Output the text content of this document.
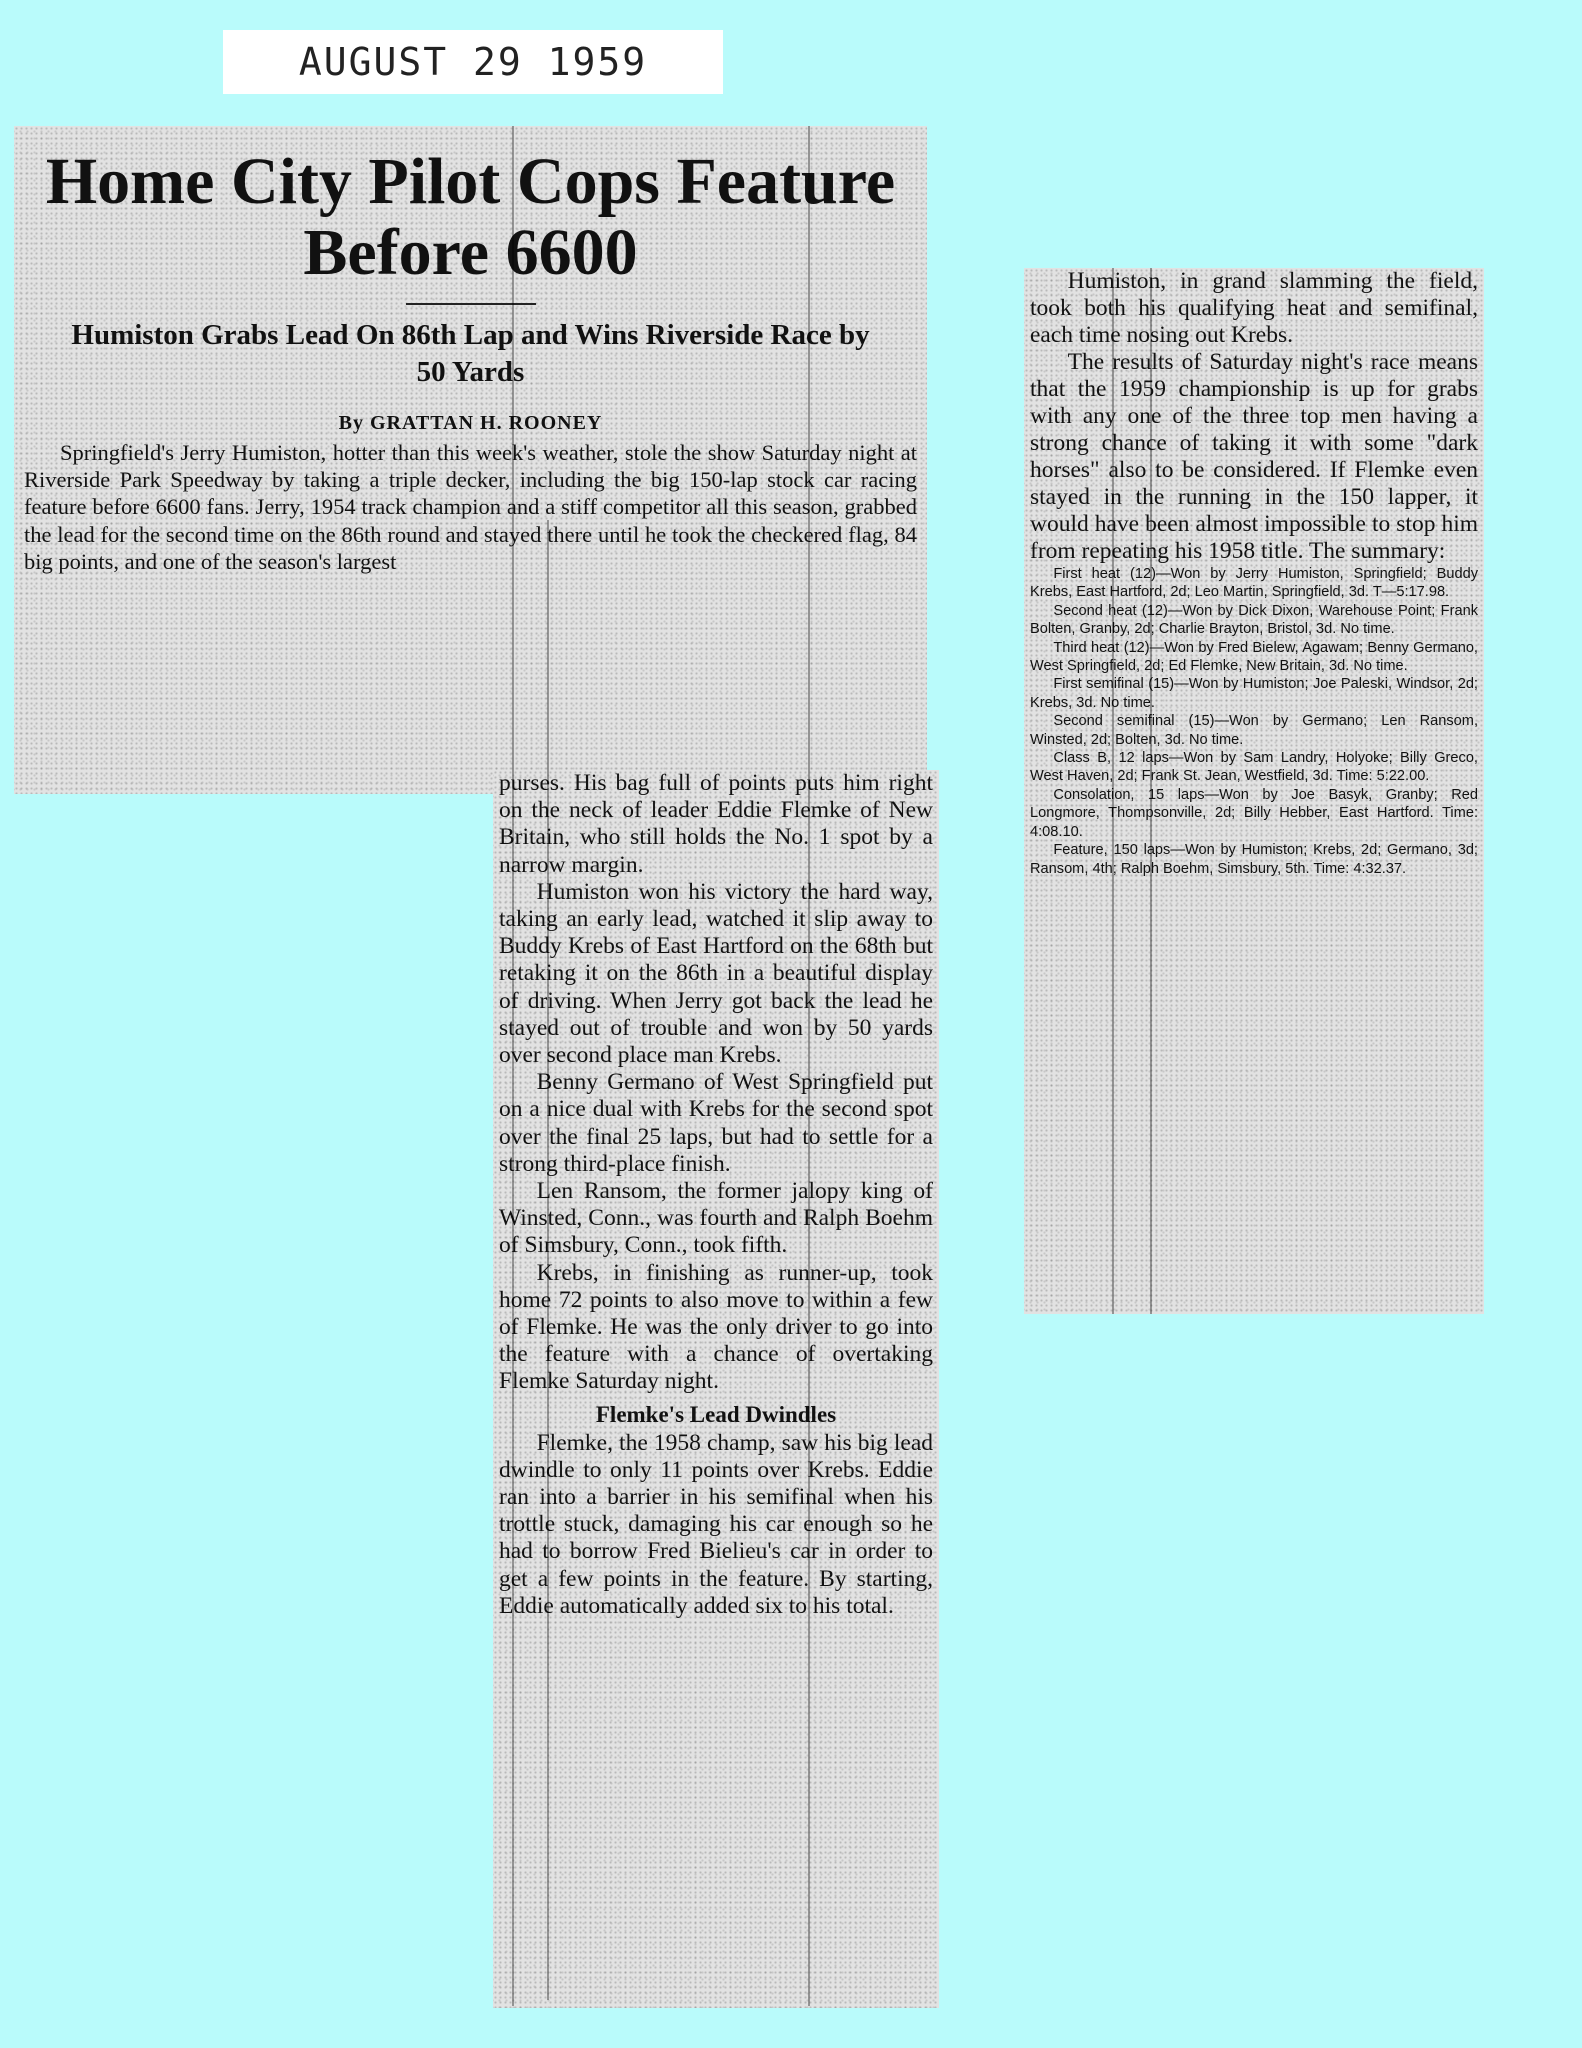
AUGUST 29 1959
Home City Pilot Cops Feature Before 6600
Humiston Grabs Lead On 86th Lap and Wins Riverside Race by 50 Yards
By GRATTAN H. ROONEY

Springfield's Jerry Humiston, hotter than this week's weather, stole the show Saturday night at Riverside Park Speedway by taking a triple decker, including the big 150-lap stock car racing feature before 6600 fans. Jerry, 1954 track champion and a stiff competitor all this season, grabbed the lead for the second time on the 86th round and stayed there until he took the checkered flag, 84 big points, and one of the season's largest

purses. His bag full of points puts him right on the neck of leader Eddie Flemke of New Britain, who still holds the No. 1 spot by a narrow margin.

Humiston won his victory the hard way, taking an early lead, watched it slip away to Buddy Krebs of East Hartford on the 68th but retaking it on the 86th in a beautiful display of driving. When Jerry got back the lead he stayed out of trouble and won by 50 yards over second place man Krebs.

Benny Germano of West Springfield put on a nice dual with Krebs for the second spot over the final 25 laps, but had to settle for a strong third-place finish.

Len Ransom, the former jalopy king of Winsted, Conn., was fourth and Ralph Boehm of Simsbury, Conn., took fifth.

Krebs, in finishing as runner-up, took home 72 points to also move to within a few of Flemke. He was the only driver to go into the feature with a chance of overtaking Flemke Saturday night.

Flemke's Lead Dwindles

Flemke, the 1958 champ, saw his big lead dwindle to only 11 points over Krebs. Eddie ran into a barrier in his semifinal when his trottle stuck, damaging his car enough so he had to borrow Fred Bielieu's car in order to get a few points in the feature. By starting, Eddie automatically added six to his total.

Humiston, in grand slamming the field, took both his qualifying heat and semifinal, each time nosing out Krebs.

The results of Saturday night's race means that the 1959 championship is up for grabs with any one of the three top men having a strong chance of taking it with some "dark horses" also to be considered. If Flemke even stayed in the running in the 150 lapper, it would have been almost impossible to stop him from repeating his 1958 title. The summary:

First heat (12)—Won by Jerry Humiston, Springfield; Buddy Krebs, East Hartford, 2d; Leo Martin, Springfield, 3d. T—5:17.98.

Second heat (12)—Won by Dick Dixon, Warehouse Point; Frank Bolten, Granby, 2d; Charlie Brayton, Bristol, 3d. No time.

Third heat (12)—Won by Fred Bielew, Agawam; Benny Germano, West Springfield, 2d; Ed Flemke, New Britain, 3d. No time.

First semifinal (15)—Won by Humiston; Joe Paleski, Windsor, 2d; Krebs, 3d. No time.

Second semifinal (15)—Won by Germano; Len Ransom, Winsted, 2d; Bolten, 3d. No time.

Class B, 12 laps—Won by Sam Landry, Holyoke; Billy Greco, West Haven, 2d; Frank St. Jean, Westfield, 3d. Time: 5:22.00.

Consolation, 15 laps—Won by Joe Basyk, Granby; Red Longmore, Thompsonville, 2d; Billy Hebber, East Hartford. Time: 4:08.10.

Feature, 150 laps—Won by Humiston; Krebs, 2d; Germano, 3d; Ransom, 4th; Ralph Boehm, Simsbury, 5th. Time: 4:32.37.
